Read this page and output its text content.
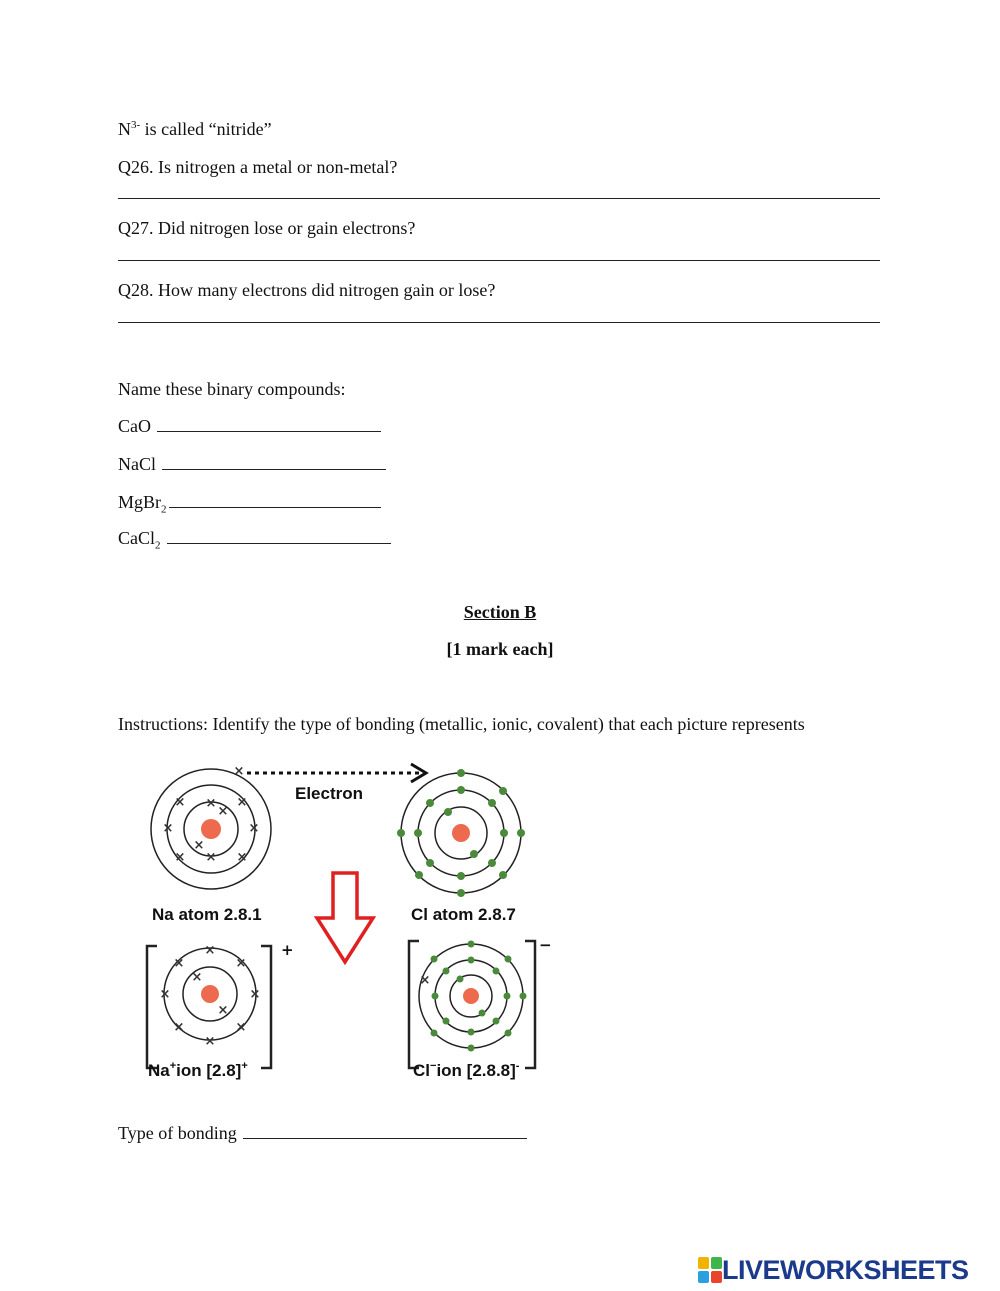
$N^{3-}$ is called “nitride”
Q26. Is nitrogen a metal or non-metal?
Q27. Did nitrogen lose or gain electrons?
Q28. How many electrons did nitrogen gain or lose?
Name these binary compounds:
CaO
NaCl
MgBr$_2$
CaCl$_2$
Section B
[1 mark each]
Instructions: Identify the type of bonding (metallic, ionic, covalent) that each picture represents
×
×
×	×
×	×
×	×
×
×
×
Electron
Na atom 2.8.1	Cl atom 2.8.7
×
×
×	×
×	×
×	×
×
×
+
×
−
Na+ion [2.8]+	Cl−ion [2.8.8]-
Type of bonding
LIVEWORKSHEETS
